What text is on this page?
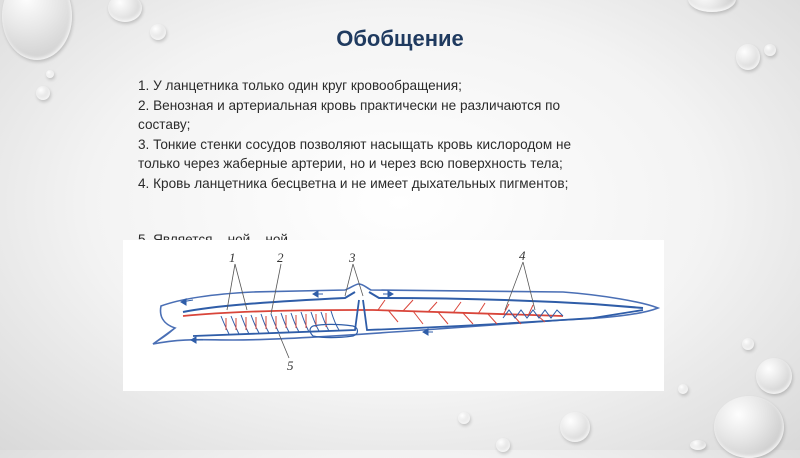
Обобщение
1. У ланцетника только один круг кровообращения;
2. Венозная и артериальная кровь практически не различаются по составу;
3. Тонкие стенки сосудов позволяют насыщать кровь кислородом не только через жаберные артерии, но и через всю поверхность тела;
4. Кровь ланцетника бесцветна и не имеет дыхательных пигментов;
1	2	3	4
5
